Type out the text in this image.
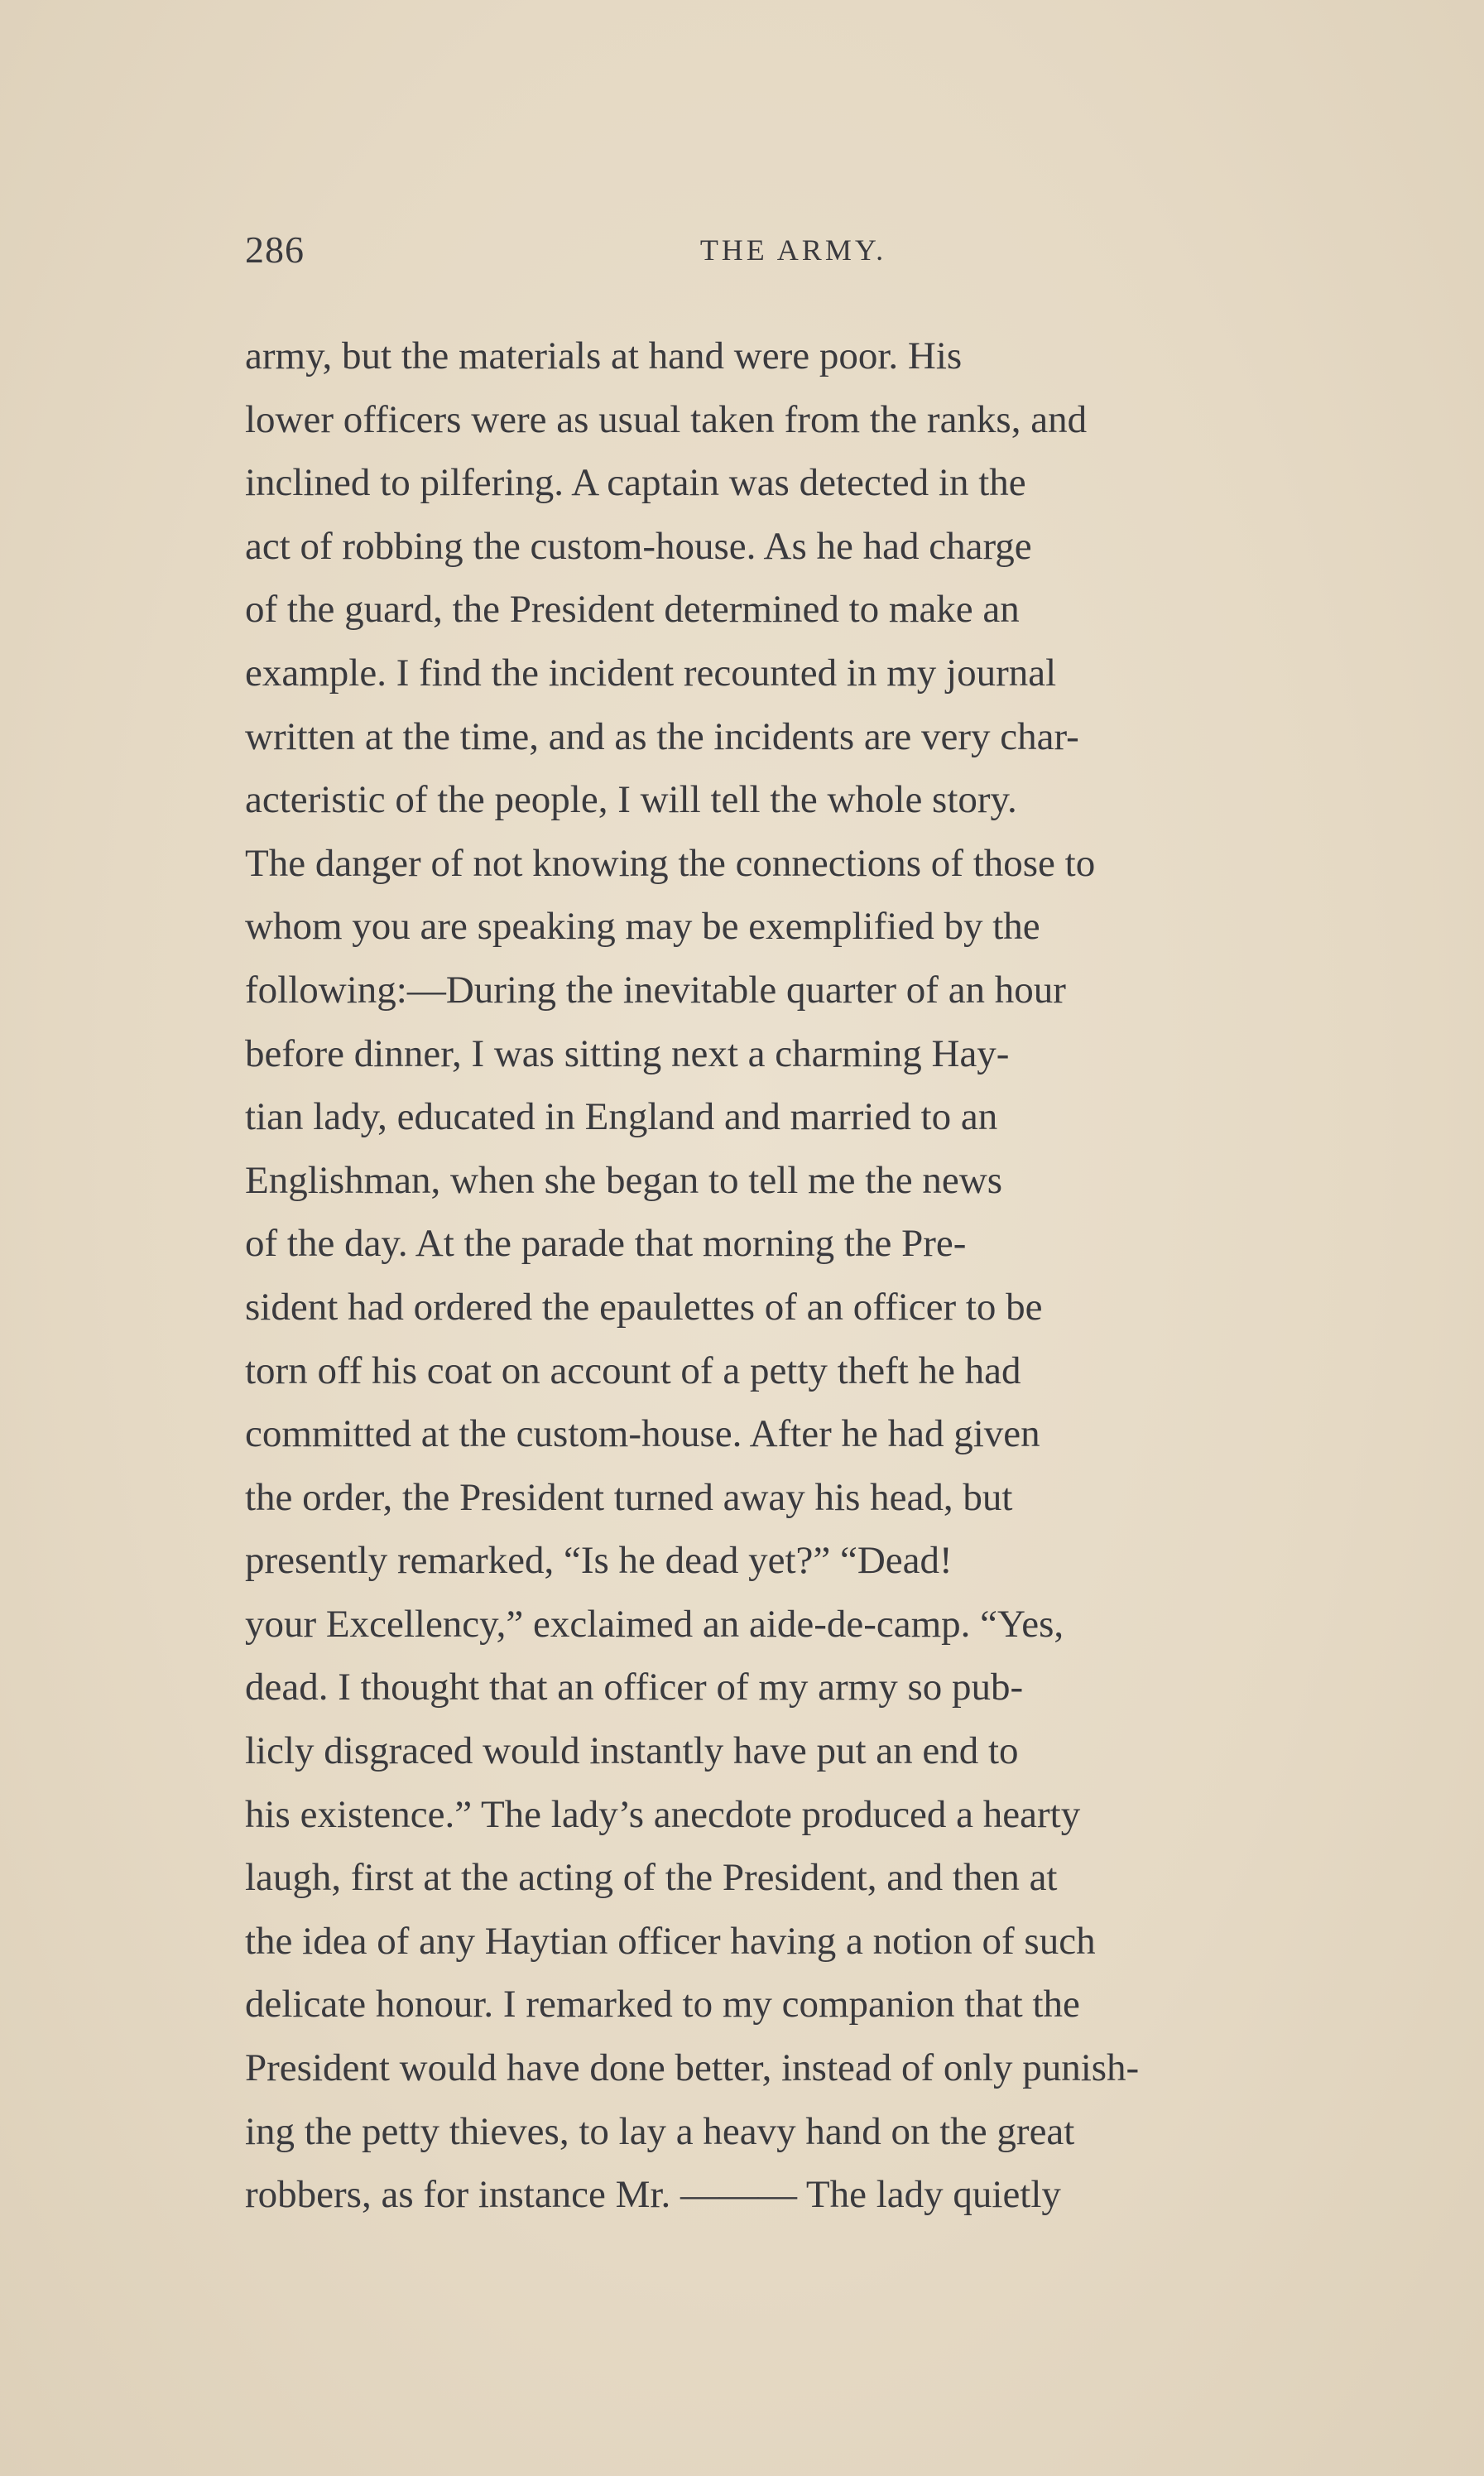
286	THE ARMY.
army, but the materials at hand were poor. His
lower officers were as usual taken from the ranks, and
inclined to pilfering. A captain was detected in the
act of robbing the custom-house. As he had charge
of the guard, the President determined to make an
example. I find the incident recounted in my journal
written at the time, and as the incidents are very char-
acteristic of the people, I will tell the whole story.
The danger of not knowing the connections of those to
whom you are speaking may be exemplified by the
following:—During the inevitable quarter of an hour
before dinner, I was sitting next a charming Hay-
tian lady, educated in England and married to an
Englishman, when she began to tell me the news
of the day. At the parade that morning the Pre-
sident had ordered the epaulettes of an officer to be
torn off his coat on account of a petty theft he had
committed at the custom-house. After he had given
the order, the President turned away his head, but
presently remarked, “Is he dead yet?” “Dead!
your Excellency,” exclaimed an aide-de-camp. “Yes,
dead. I thought that an officer of my army so pub-
licly disgraced would instantly have put an end to
his existence.” The lady’s anecdote produced a hearty
laugh, first at the acting of the President, and then at
the idea of any Haytian officer having a notion of such
delicate honour. I remarked to my companion that the
President would have done better, instead of only punish-
ing the petty thieves, to lay a heavy hand on the great
robbers, as for instance Mr. ——— The lady quietly
